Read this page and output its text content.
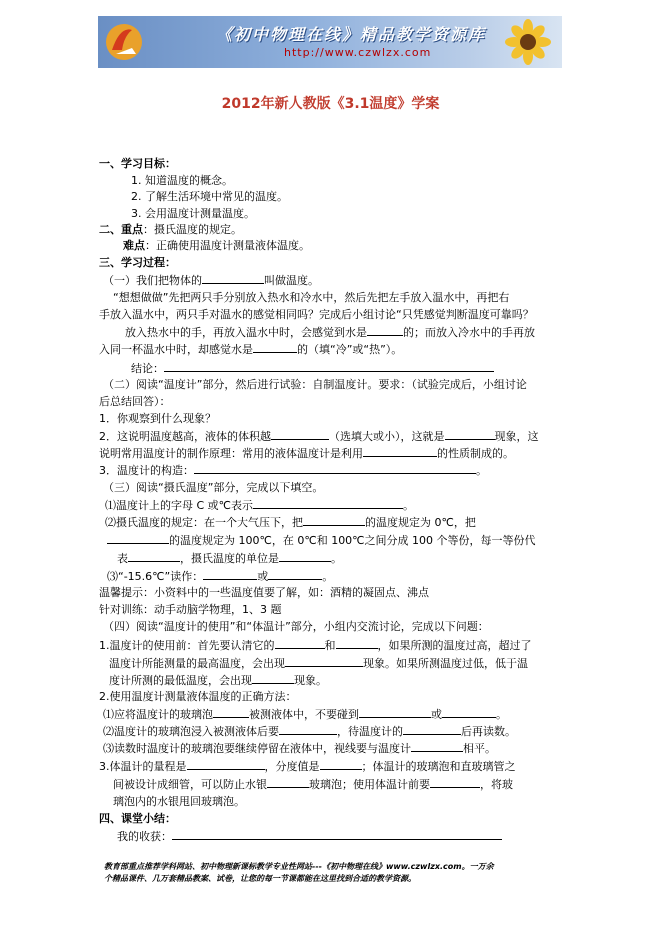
《初中物理在线》精品教学资源库
http://www.czwlzx.com
2012年新人教版《3.1温度》学案
一、学习目标：
1. 知道温度的概念。
2. 了解生活环境中常见的温度。
3. 会用温度计测量温度。
二、重点：摄氏温度的规定。
难点：正确使用温度计测量液体温度。
三、学习过程：
（一）我们把物体的	叫做温度。
“想想做做”先把两只手分别放入热水和冷水中，然后先把左手放入温水中，再把右
手放入温水中，两只手对温水的感觉相同吗？完成后小组讨论“只凭感觉判断温度可靠吗？
放入热水中的手，再放入温水中时，会感觉到水是	的；而放入冷水中的手再放
入同一杯温水中时，却感觉水是	的（填“冷”或“热”）。
结论：
（二）阅读“温度计”部分，然后进行试验：自制温度计。要求：（试验完成后，小组讨论
后总结回答）：
1．你观察到什么现象？
2．这说明温度越高，液体的体积越	（选填大或小），这就是	现象，这
说明常用温度计的制作原理：常用的液体温度计是利用	的性质制成的。
3．温度计的构造：	。
（三）阅读“摄氏温度”部分，完成以下填空。
⑴温度计上的字母 C 或℃表示	。
⑵摄氏温度的规定：在一个大气压下，把	的温度规定为 0℃，把
的温度规定为 100℃，在 0℃和 100℃之间分成 100 个等份，每一等份代
表	，摄氏温度的单位是	。
⑶“-15.6℃”读作：	或	。
温馨提示：小资料中的一些温度值要了解，如：酒精的凝固点、沸点
针对训练：动手动脑学物理，1、3 题
（四）阅读“温度计的使用”和“体温计”部分，小组内交流讨论，完成以下问题：
1.温度计的使用前：首先要认清它的	和	，如果所测的温度过高，超过了
温度计所能测量的最高温度，会出现	现象。如果所测温度过低，低于温
度计所测的最低温度，会出现	现象。
2.使用温度计测量液体温度的正确方法：
⑴应将温度计的玻璃泡	被测液体中，不要碰到	或	。
⑵温度计的玻璃泡浸入被测液体后要	，待温度计的	后再读数。
⑶读数时温度计的玻璃泡要继续停留在液体中，视线要与温度计	相平。
3.体温计的量程是	，分度值是	；体温计的玻璃泡和直玻璃管之
间被设计成细管，可以防止水银	玻璃泡；使用体温计前要	，将玻
璃泡内的水银甩回玻璃泡。
四、课堂小结：
我的收获：
教育部重点推荐学科网站、初中物理新课标教学专业性网站---《初中物理在线》www.czwlzx.com。一万余
个精品课件、几万套精品教案、试卷，让您的每一节课都能在这里找到合适的教学资源。
